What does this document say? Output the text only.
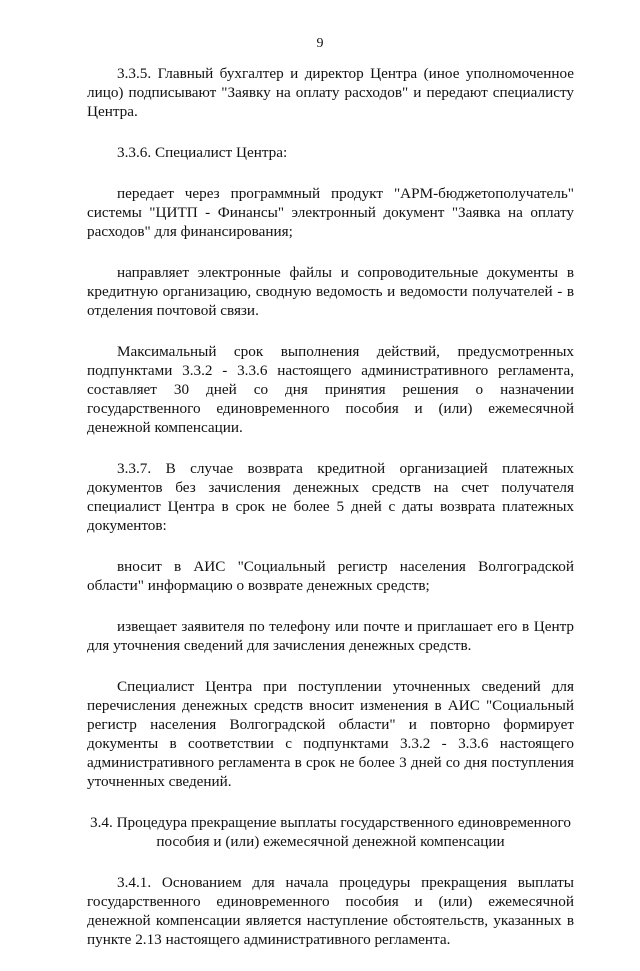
9

3.3.5. Главный бухгалтер и директор Центра (иное уполномоченное лицо) подписывают "Заявку на оплату расходов" и передают специалисту Центра.

3.3.6. Специалист Центра:

передает через программный продукт "АРМ-бюджетополучатель" системы "ЦИТП - Финансы" электронный документ "Заявка на оплату расходов" для финансирования;

направляет электронные файлы и сопроводительные документы в кредитную организацию, сводную ведомость и ведомости получателей - в отделения почтовой связи.

Максимальный срок выполнения действий, предусмотренных подпунктами 3.3.2 - 3.3.6 настоящего административного регламента, составляет 30 дней со дня принятия решения о назначении государственного единовременного пособия и (или) ежемесячной денежной компенсации.

3.3.7. В случае возврата кредитной организацией платежных документов без зачисления денежных средств на счет получателя специалист Центра в срок не более 5 дней с даты возврата платежных документов:

вносит в АИС "Социальный регистр населения Волгоградской области" информацию о возврате денежных средств;

извещает заявителя по телефону или почте и приглашает его в Центр для уточнения сведений для зачисления денежных средств.

Специалист Центра при поступлении уточненных сведений для перечисления денежных средств вносит изменения в АИС "Социальный регистр населения Волгоградской области" и повторно формирует документы в соответствии с подпунктами 3.3.2 - 3.3.6 настоящего административного регламента в срок не более 3 дней со дня поступления уточненных сведений.

3.4. Процедура прекращение выплаты государственного единовременного пособия и (или) ежемесячной денежной компенсации

3.4.1. Основанием для начала процедуры прекращения выплаты государственного единовременного пособия и (или) ежемесячной денежной компенсации является наступление обстоятельств, указанных в пункте 2.13 настоящего административного регламента.
